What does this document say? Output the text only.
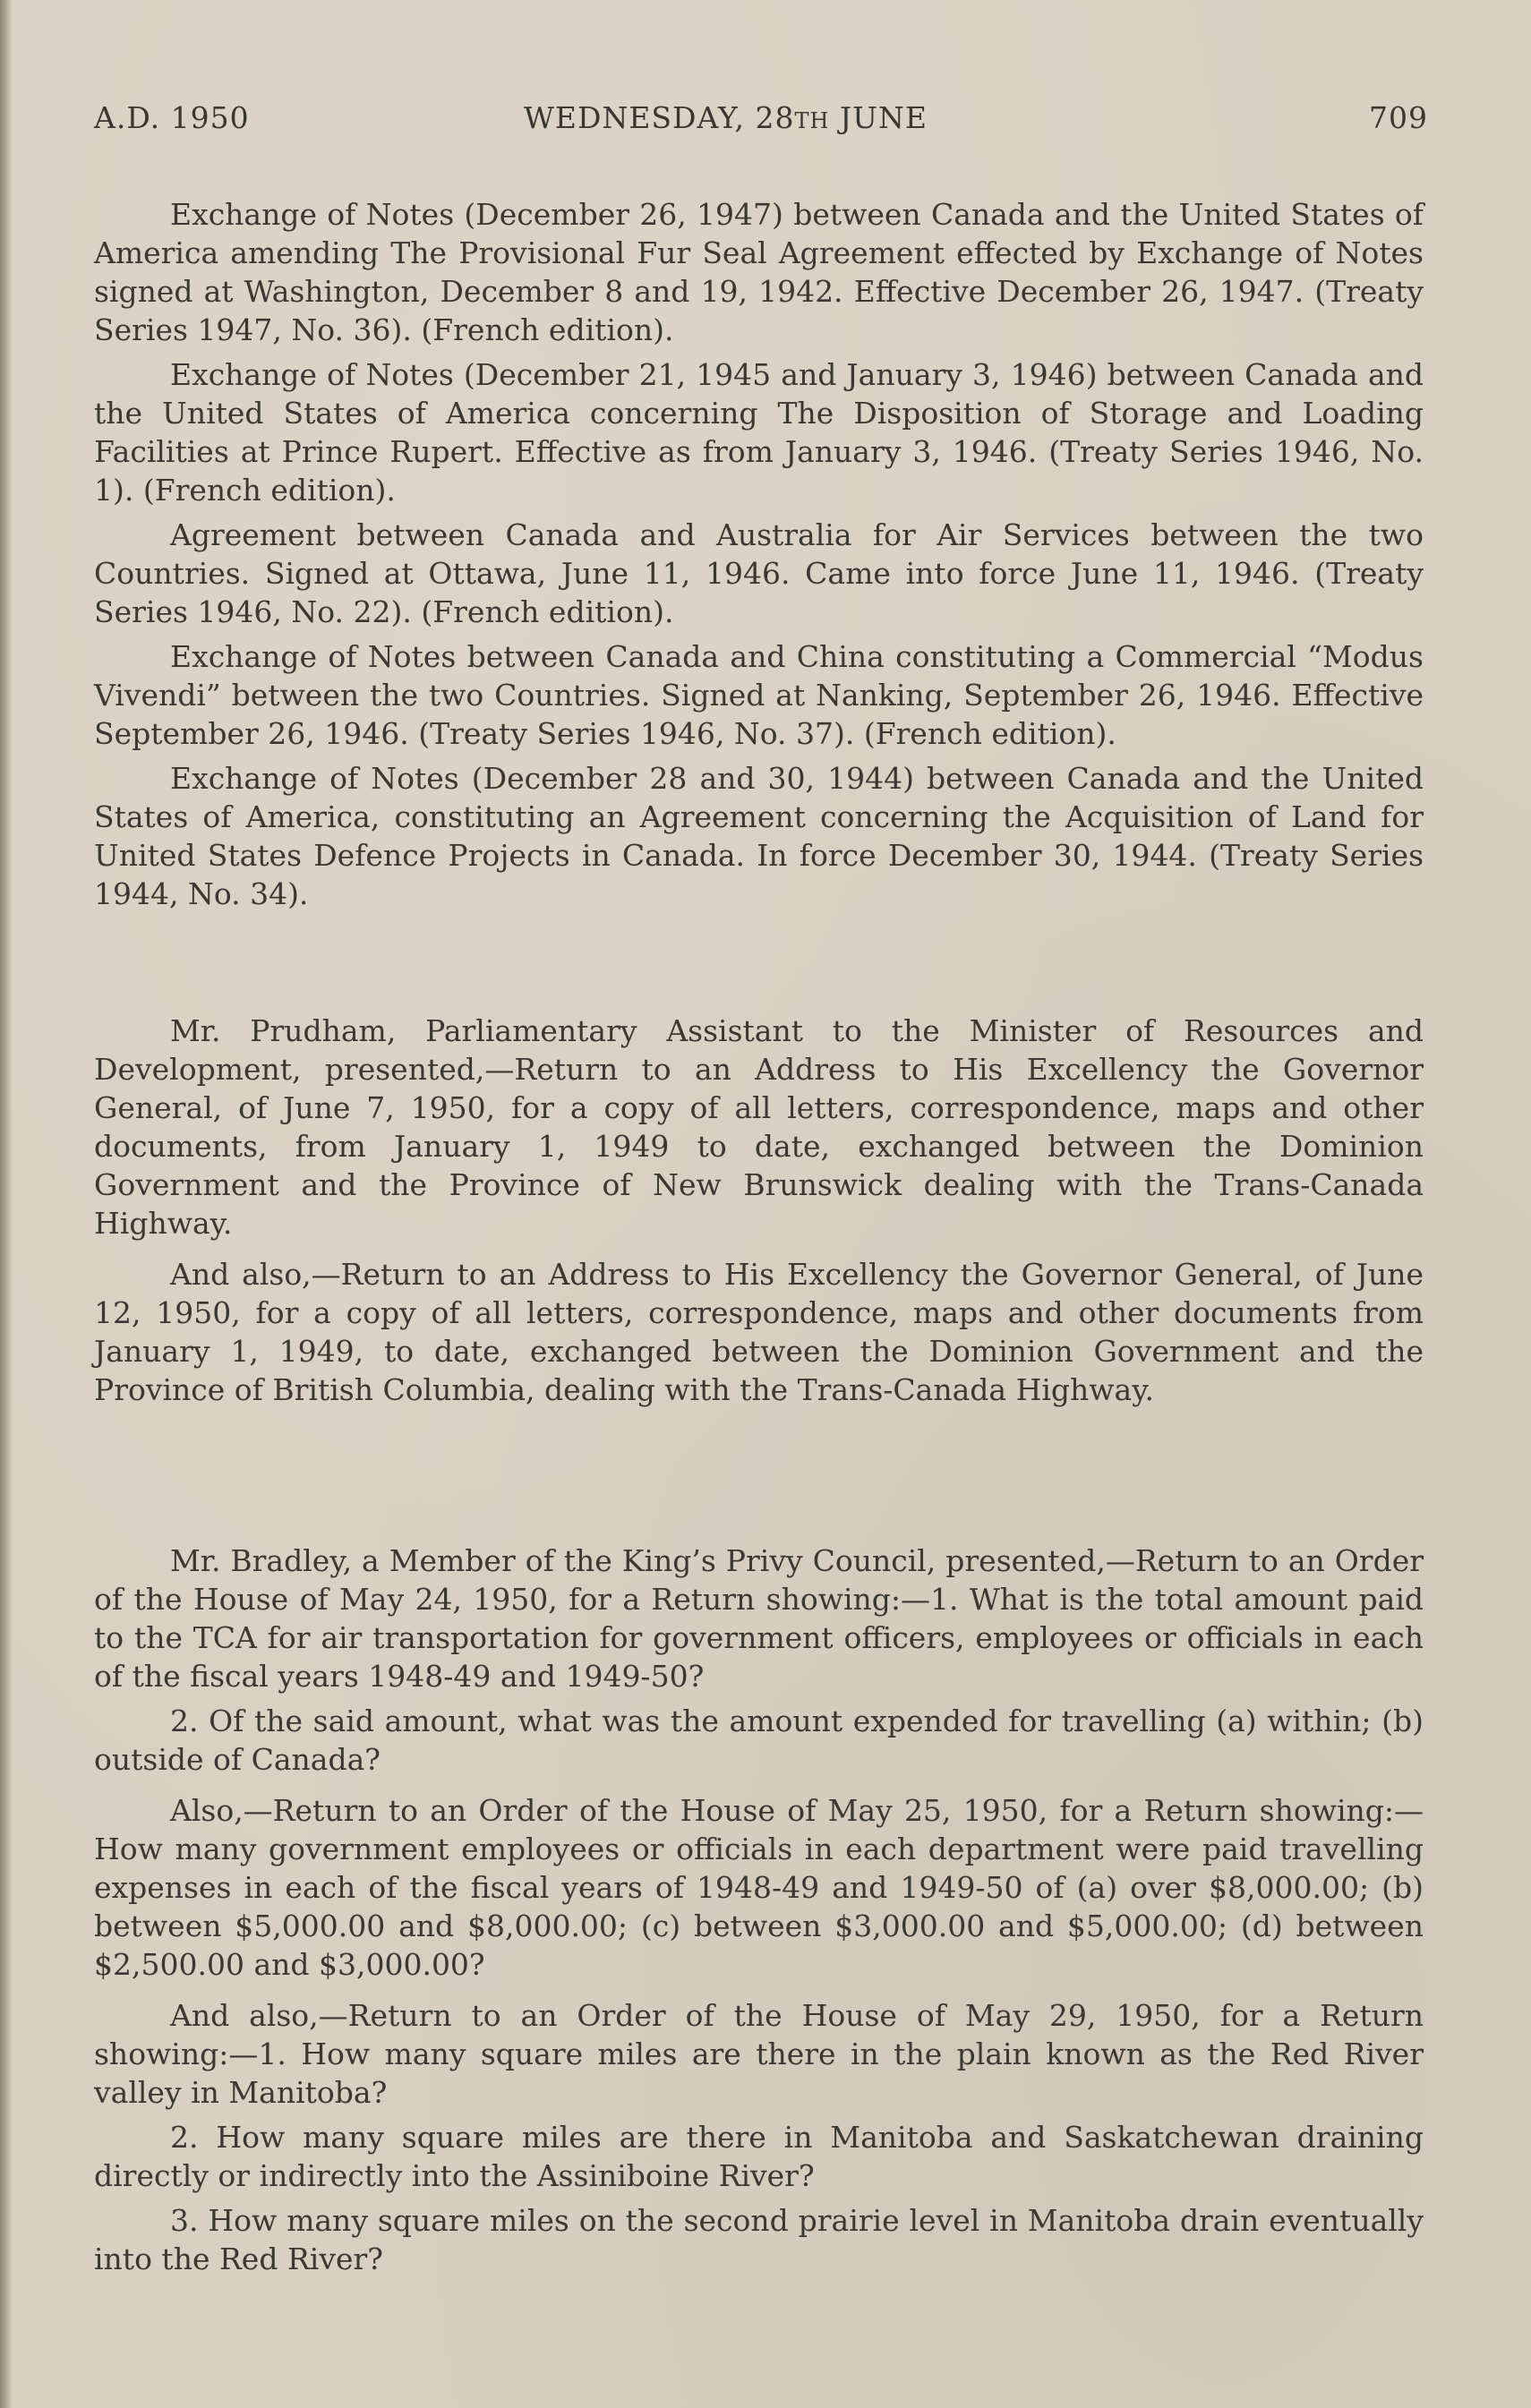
A.D. 1950	WEDNESDAY, 28TH JUNE	709

Exchange of Notes (December 26, 1947) between Canada and the United States of America amending The Provisional Fur Seal Agreement effected by Exchange of Notes signed at Washington, December 8 and 19, 1942. Effective December 26, 1947. (Treaty Series 1947, No. 36). (French edition).

Exchange of Notes (December 21, 1945 and January 3, 1946) between Canada and the United States of America concerning The Disposition of Storage and Loading Facilities at Prince Rupert. Effective as from January 3, 1946. (Treaty Series 1946, No. 1). (French edition).

Agreement between Canada and Australia for Air Services between the two Countries. Signed at Ottawa, June 11, 1946. Came into force June 11, 1946. (Treaty Series 1946, No. 22). (French edition).

Exchange of Notes between Canada and China constituting a Commercial “Modus Vivendi” between the two Countries. Signed at Nanking, September 26, 1946. Effective September 26, 1946. (Treaty Series 1946, No. 37). (French edition).

Exchange of Notes (December 28 and 30, 1944) between Canada and the United States of America, constituting an Agreement concerning the Acquisition of Land for United States Defence Projects in Canada. In force December 30, 1944. (Treaty Series 1944, No. 34).

Mr. Prudham, Parliamentary Assistant to the Minister of Resources and Development, presented,—Return to an Address to His Excellency the Governor General, of June 7, 1950, for a copy of all letters, correspondence, maps and other documents, from January 1, 1949 to date, exchanged between the Dominion Government and the Province of New Brunswick dealing with the Trans-Canada Highway.

And also,—Return to an Address to His Excellency the Governor General, of June 12, 1950, for a copy of all letters, correspondence, maps and other documents from January 1, 1949, to date, exchanged between the Dominion Government and the Province of British Columbia, dealing with the Trans-Canada Highway.

Mr. Bradley, a Member of the King’s Privy Council, presented,—Return to an Order of the House of May 24, 1950, for a Return showing:—1. What is the total amount paid to the TCA for air transportation for government officers, employees or officials in each of the fiscal years 1948-49 and 1949-50?

2. Of the said amount, what was the amount expended for travelling (a) within; (b) outside of Canada?

Also,—Return to an Order of the House of May 25, 1950, for a Return showing:—How many government employees or officials in each department were paid travelling expenses in each of the fiscal years of 1948-49 and 1949-50 of (a) over $8,000.00; (b) between $5,000.00 and $8,000.00; (c) between $3,000.00 and $5,000.00; (d) between $2,500.00 and $3,000.00?

And also,—Return to an Order of the House of May 29, 1950, for a Return showing:—1. How many square miles are there in the plain known as the Red River valley in Manitoba?

2. How many square miles are there in Manitoba and Saskatchewan draining directly or indirectly into the Assiniboine River?

3. How many square miles on the second prairie level in Manitoba drain eventually into the Red River?
